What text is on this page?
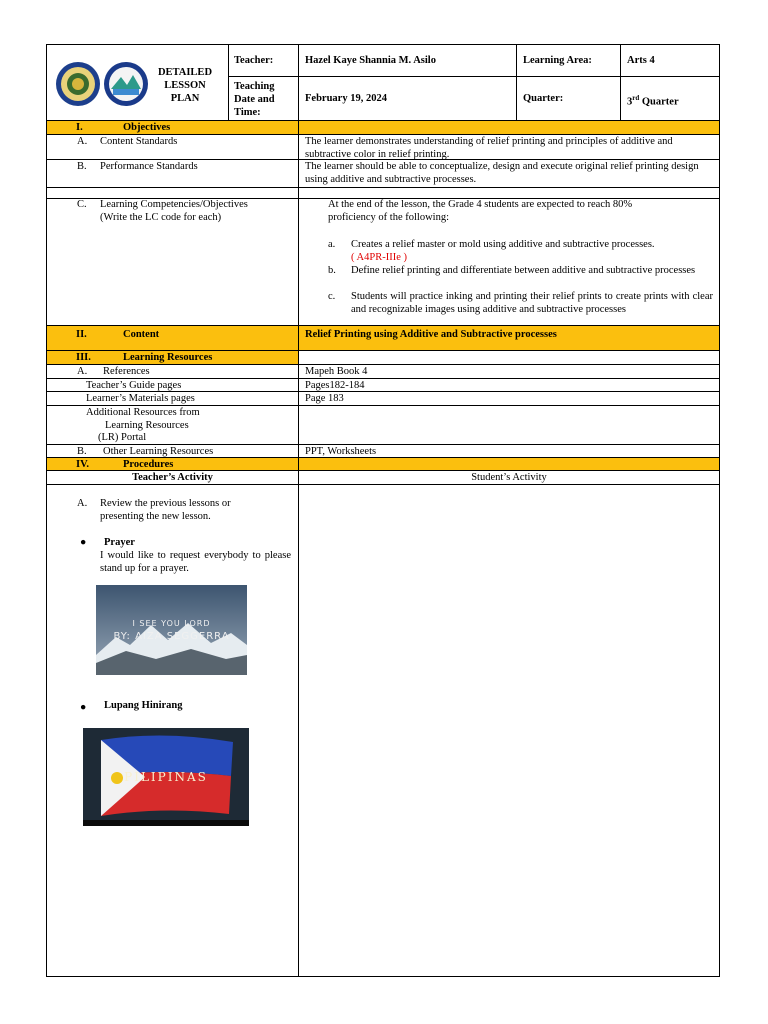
DETAILED
LESSON
PLAN
Teacher:	Hazel Kaye Shannia M. Asilo	Learning Area:	Arts 4
Teaching
Date and
Time:
February 19, 2024	Quarter:	3rd Quarter
I.	Objectives
A. Content Standards	The learner demonstrates understanding of relief printing and principles of additive and subtractive color in relief printing.
B. Performance Standards	The learner should be able to conceptualize, design and execute original relief printing design using additive and subtractive processes.
C. Learning Competencies/Objectives
(Write the LC code for each)
At the end of the lesson, the Grade 4 students are expected to reach 80% proficiency of the following:
a. Creates a relief master or mold using additive and subtractive processes.
( A4PR-IIIe )
b. Define relief printing and differentiate between additive and subtractive processes
c. Students will practice inking and printing their relief prints to create prints with clear and recognizable images using additive and subtractive processes
II.	Content	Relief Printing using Additive and Subtractive processes
III.	Learning Resources
A. References	Mapeh Book 4
Teacher’s Guide pages	Pages182-184
Learner’s Materials pages	Page 183
Additional Resources from
Learning Resources
(LR) Portal
B. Other Learning Resources	PPT, Worksheets
IV.	Procedures
Teacher’s Activity	Student’s Activity
A. Review the previous lessons or
presenting the new lesson.
● Prayer
I would like to request everybody to please stand up for a prayer.
I SEE YOU LORD
BY: AIZA SEGGERRA
● Lupang Hinirang
PILIPINAS
